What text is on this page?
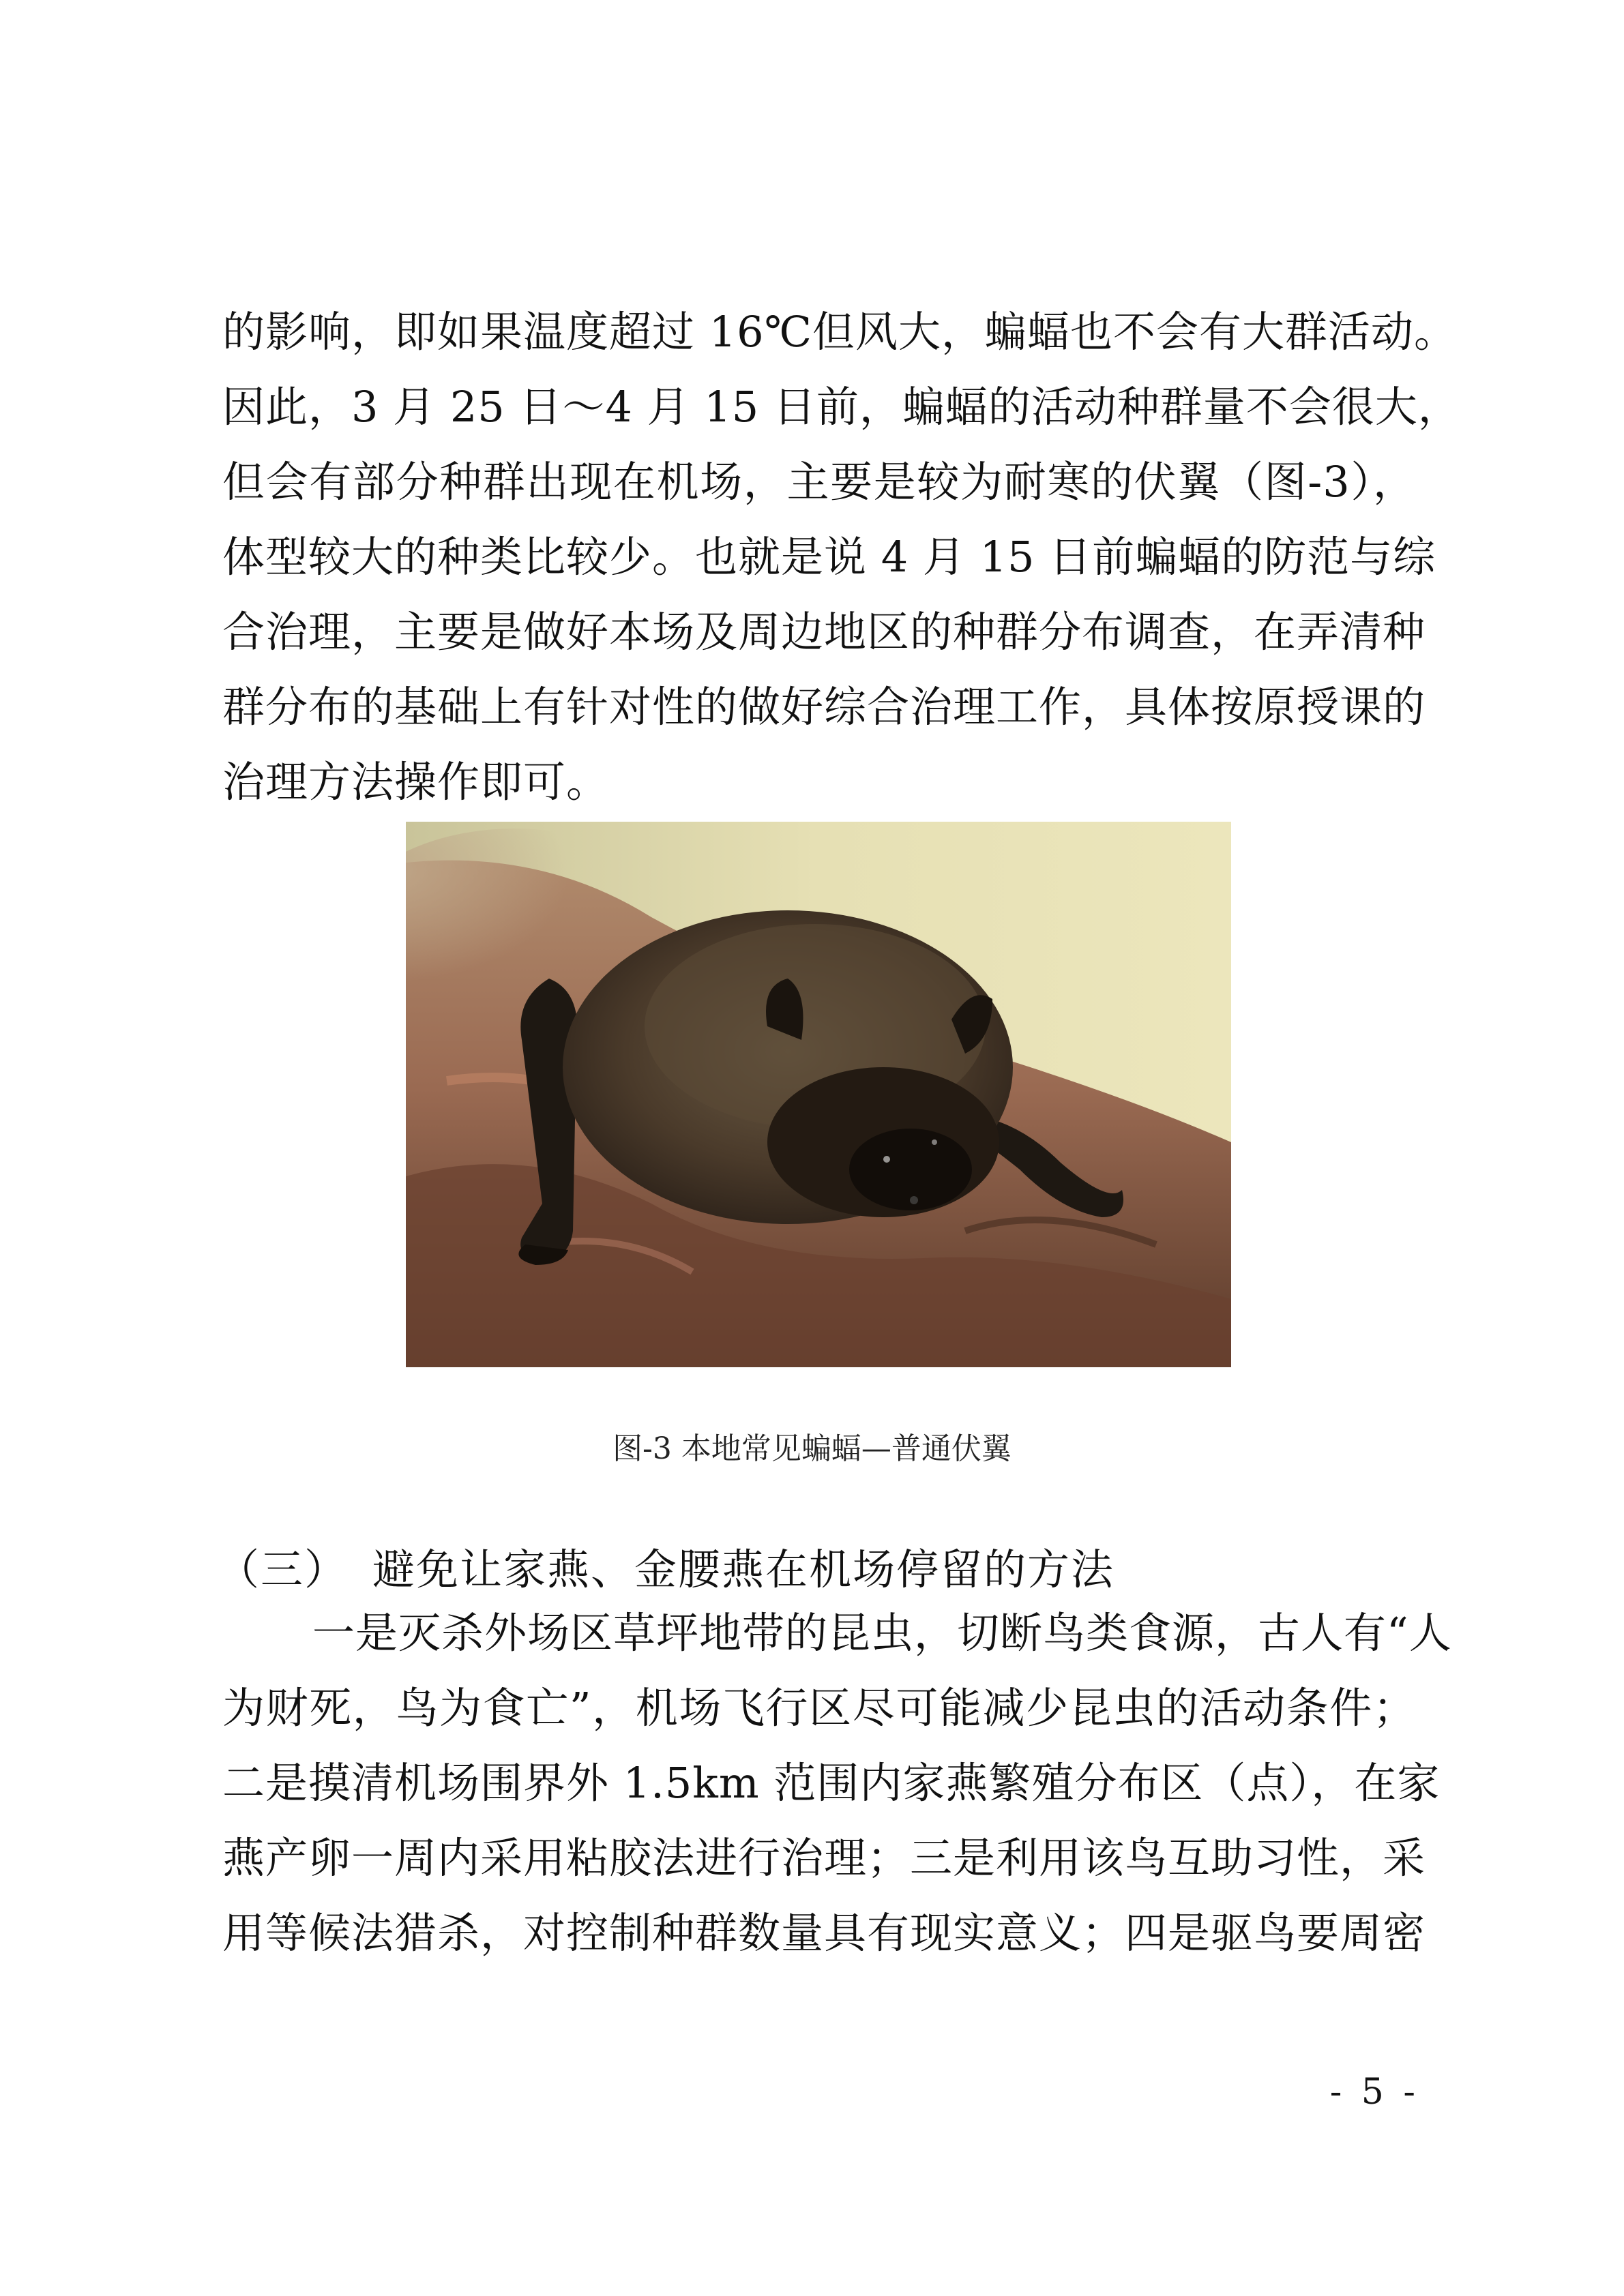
的影响，即如果温度超过 16℃但风大，蝙蝠也不会有大群活动。
因此，3 月 25 日～4 月 15 日前，蝙蝠的活动种群量不会很大，
但会有部分种群出现在机场，主要是较为耐寒的伏翼（图-3），
体型较大的种类比较少。也就是说 4 月 15 日前蝙蝠的防范与综
合治理，主要是做好本场及周边地区的种群分布调查，在弄清种
群分布的基础上有针对性的做好综合治理工作，具体按原授课的
治理方法操作即可。
图-3 本地常见蝙蝠—普通伏翼
（三） 避免让家燕、金腰燕在机场停留的方法
一是灭杀外场区草坪地带的昆虫，切断鸟类食源，古人有“人
为财死，鸟为食亡”，机场飞行区尽可能减少昆虫的活动条件；
二是摸清机场围界外 1.5km 范围内家燕繁殖分布区（点），在家
燕产卵一周内采用粘胶法进行治理；三是利用该鸟互助习性，采
用等候法猎杀，对控制种群数量具有现实意义；四是驱鸟要周密
- 5 -
